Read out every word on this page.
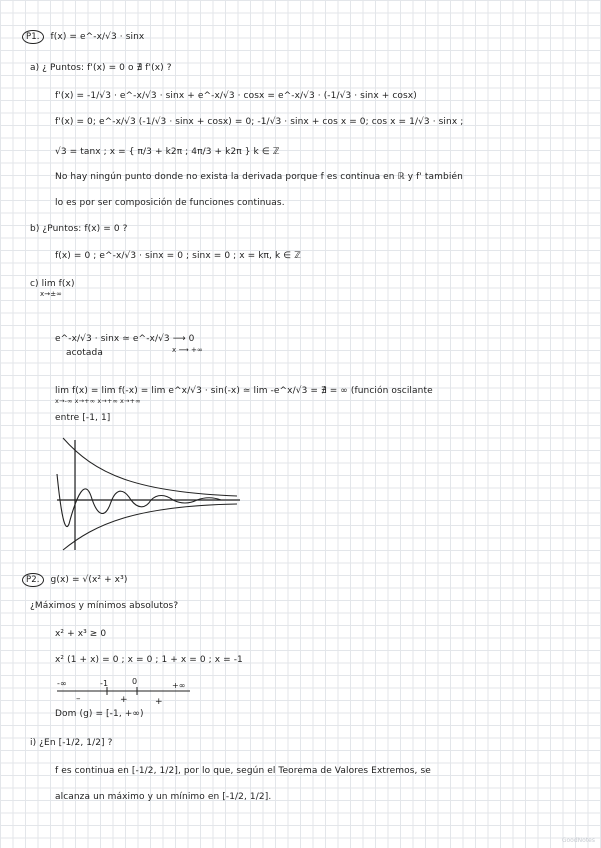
P1. f(x) = e^-x/√3 · sinx
a) ¿ Puntos: f'(x) = 0 o ∄ f'(x) ?
f'(x) = -1/√3 · e^-x/√3 · sinx + e^-x/√3 · cosx = e^-x/√3 · (-1/√3 · sinx + cosx)
f'(x) = 0; e^-x/√3 (-1/√3 · sinx + cosx) = 0; -1/√3 · sinx + cos x = 0; cos x = 1/√3 · sinx ;
√3 = tanx ; x = { π/3 + k2π ; 4π/3 + k2π } k ∈ ℤ
No hay ningún punto donde no exista la derivada porque f es continua en ℝ y f' también
lo es por ser composición de funciones continuas.
b) ¿Puntos: f(x) = 0 ?
f(x) = 0 ; e^-x/√3 · sinx = 0 ; sinx = 0 ; x = kπ, k ∈ ℤ
c) lim f(x)
x→±∞
e^-x/√3 · sinx ≃ e^-x/√3 ⟶ 0
x ⟶ +∞
acotada
lim f(x) = lim f(-x) = lim e^x/√3 · sin(-x) ≃ lim -e^x/√3 = ∄ = ∞ (función oscilante
x→-∞ x→+∞ x→+∞ x→+∞
entre [-1, 1]
P2. g(x) = √(x² + x³)
¿Máximos y mínimos absolutos?
x² + x³ ≥ 0
x² (1 + x) = 0 ; x = 0 ; 1 + x = 0 ; x = -1
-∞	-1	0	+∞
–	+	+
Dom (g) = [-1, +∞)
i) ¿En [-1/2, 1/2] ?
f es continua en [-1/2, 1/2], por lo que, según el Teorema de Valores Extremos, se
alcanza un máximo y un mínimo en [-1/2, 1/2].
GoodNotes
